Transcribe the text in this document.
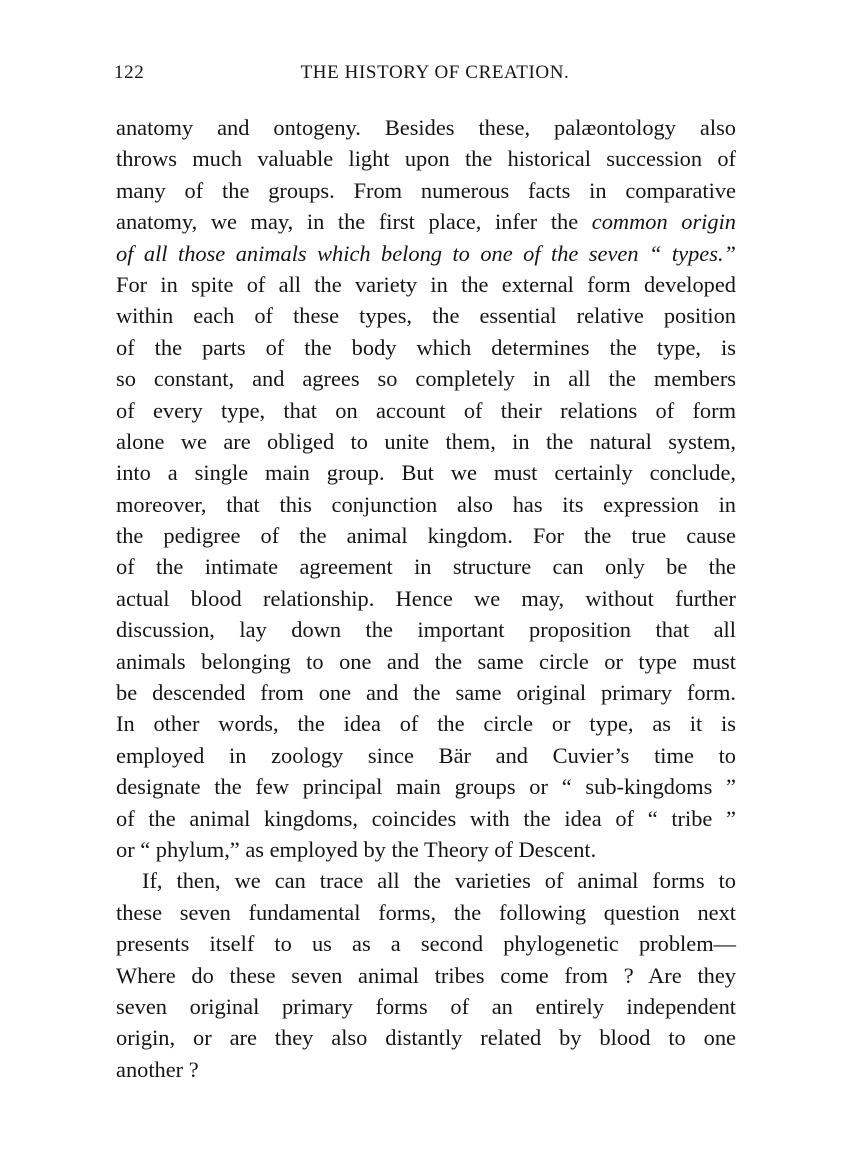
122	THE HISTORY OF CREATION.
anatomy and ontogeny. Besides these, palæontology also
throws much valuable light upon the historical succession of
many of the groups. From numerous facts in comparative
anatomy, we may, in the first place, infer the common origin
of all those animals which belong to one of the seven “ types.”
For in spite of all the variety in the external form developed
within each of these types, the essential relative position
of the parts of the body which determines the type, is
so constant, and agrees so completely in all the members
of every type, that on account of their relations of form
alone we are obliged to unite them, in the natural system,
into a single main group. But we must certainly conclude,
moreover, that this conjunction also has its expression in
the pedigree of the animal kingdom. For the true cause
of the intimate agreement in structure can only be the
actual blood relationship. Hence we may, without further
discussion, lay down the important proposition that all
animals belonging to one and the same circle or type must
be descended from one and the same original primary form.
In other words, the idea of the circle or type, as it is
employed in zoology since Bär and Cuvier’s time to
designate the few principal main groups or “ sub-kingdoms ”
of the animal kingdoms, coincides with the idea of “ tribe ”
or “ phylum,” as employed by the Theory of Descent.
If, then, we can trace all the varieties of animal forms to
these seven fundamental forms, the following question next
presents itself to us as a second phylogenetic problem—
Where do these seven animal tribes come from ? Are they
seven original primary forms of an entirely independent
origin, or are they also distantly related by blood to one
another ?
